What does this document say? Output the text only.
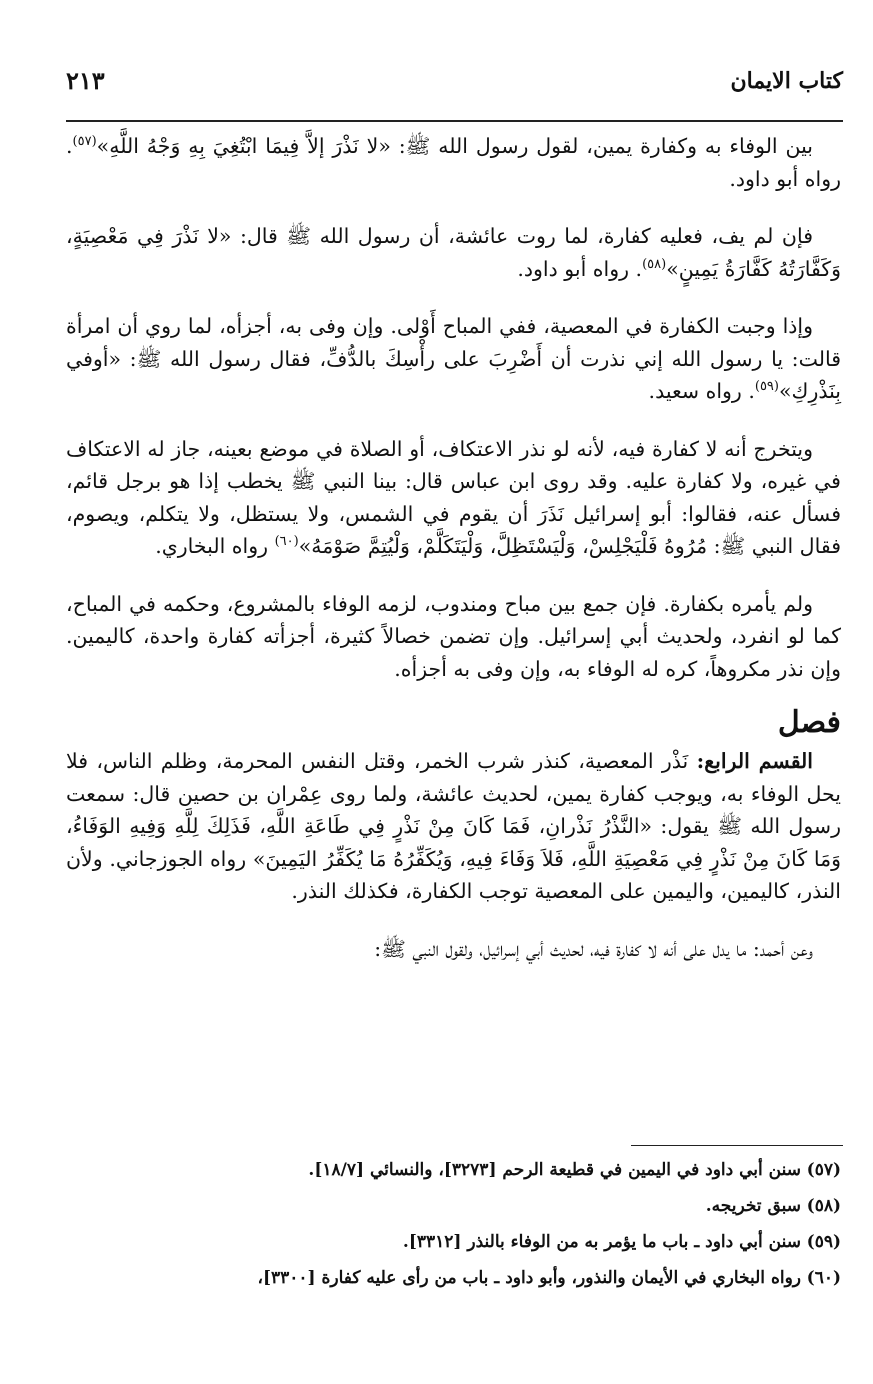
كتاب الايمان
٢١٣

بين الوفاء به وكفارة يمين، لقول رسول الله ﷺ: «لا نَذْرَ إلاَّ فِيمَا ابْتُغِيَ بِهِ وَجْهُ اللَّهِ»$^{(٥٧)}$. رواه أبو داود.

فإن لم يف، فعليه كفارة، لما روت عائشة، أن رسول الله ﷺ قال: «لا نَذْرَ فِي مَعْصِيَةٍ، وَكَفَّارَتُهُ كَفَّارَةُ يَمِينٍ»$^{(٥٨)}$. رواه أبو داود.

وإذا وجبت الكفارة في المعصية، ففي المباح أَوْلى. وإن وفى به، أجزأه، لما روي أن امرأة قالت: يا رسول الله إني نذرت أن أَضْرِبَ على رأْسِكَ بالدُّفِّ، فقال رسول الله ﷺ: «أوفي بِنَذْرِكِ»$^{(٥٩)}$. رواه سعيد.

ويتخرج أنه لا كفارة فيه، لأنه لو نذر الاعتكاف، أو الصلاة في موضع بعينه، جاز له الاعتكاف في غيره، ولا كفارة عليه. وقد روى ابن عباس قال: بينا النبي ﷺ يخطب إذا هو برجل قائم، فسأل عنه، فقالوا: أبو إسرائيل نَذَرَ أن يقوم في الشمس، ولا يستظل، ولا يتكلم، ويصوم، فقال النبي ﷺ: مُرُوهُ فَلْيَجْلِسْ، وَلْيَسْتَظِلَّ، وَلْيَتَكَلَّمْ، وَلْيُتِمَّ صَوْمَهُ»$^{(٦٠)}$ رواه البخاري.

ولم يأمره بكفارة. فإن جمع بين مباح ومندوب، لزمه الوفاء بالمشروع، وحكمه في المباح، كما لو انفرد، ولحديث أبي إسرائيل. وإن تضمن خصالاً كثيرة، أجزأته كفارة واحدة، كاليمين. وإن نذر مكروهاً، كره له الوفاء به، وإن وفى به أجزأه.

فصل

القسم الرابع: نَذْر المعصية، كنذر شرب الخمر، وقتل النفس المحرمة، وظلم الناس، فلا يحل الوفاء به، ويوجب كفارة يمين، لحديث عائشة، ولما روى عِمْران بن حصين قال: سمعت رسول الله ﷺ يقول: «النَّذْرُ نَذْرانِ، فَمَا كَانَ مِنْ نَذْرٍ فِي طَاعَةِ اللَّهِ، فَذَلِكَ لِلَّهِ وَفِيهِ الوَفَاءُ، وَمَا كَانَ مِنْ نَذْرٍ فِي مَعْصِيَةِ اللَّهِ، فَلاَ وَفَاءَ فِيهِ، وَيُكَفِّرُهُ مَا يُكَفِّرُ اليَمِينَ» رواه الجوزجاني. ولأن النذر، كاليمين، واليمين على المعصية توجب الكفارة، فكذلك النذر.

وعن أحمد: ما يدل على أنه لا كفارة فيه، لحديث أبي إسرائيل، ولقول النبي ﷺ:

(٥٧)سنن أبي داود في اليمين في قطيعة الرحم [٣٢٧٣]، والنسائي [١٨/٧].
(٥٨)سبق تخريجه.
(٥٩)سنن أبي داود ـ باب ما يؤمر به من الوفاء بالنذر [٣٣١٢].
(٦٠)رواه البخاري في الأيمان والنذور، وأبو داود ـ باب من رأى عليه كفارة [٣٣٠٠]،
